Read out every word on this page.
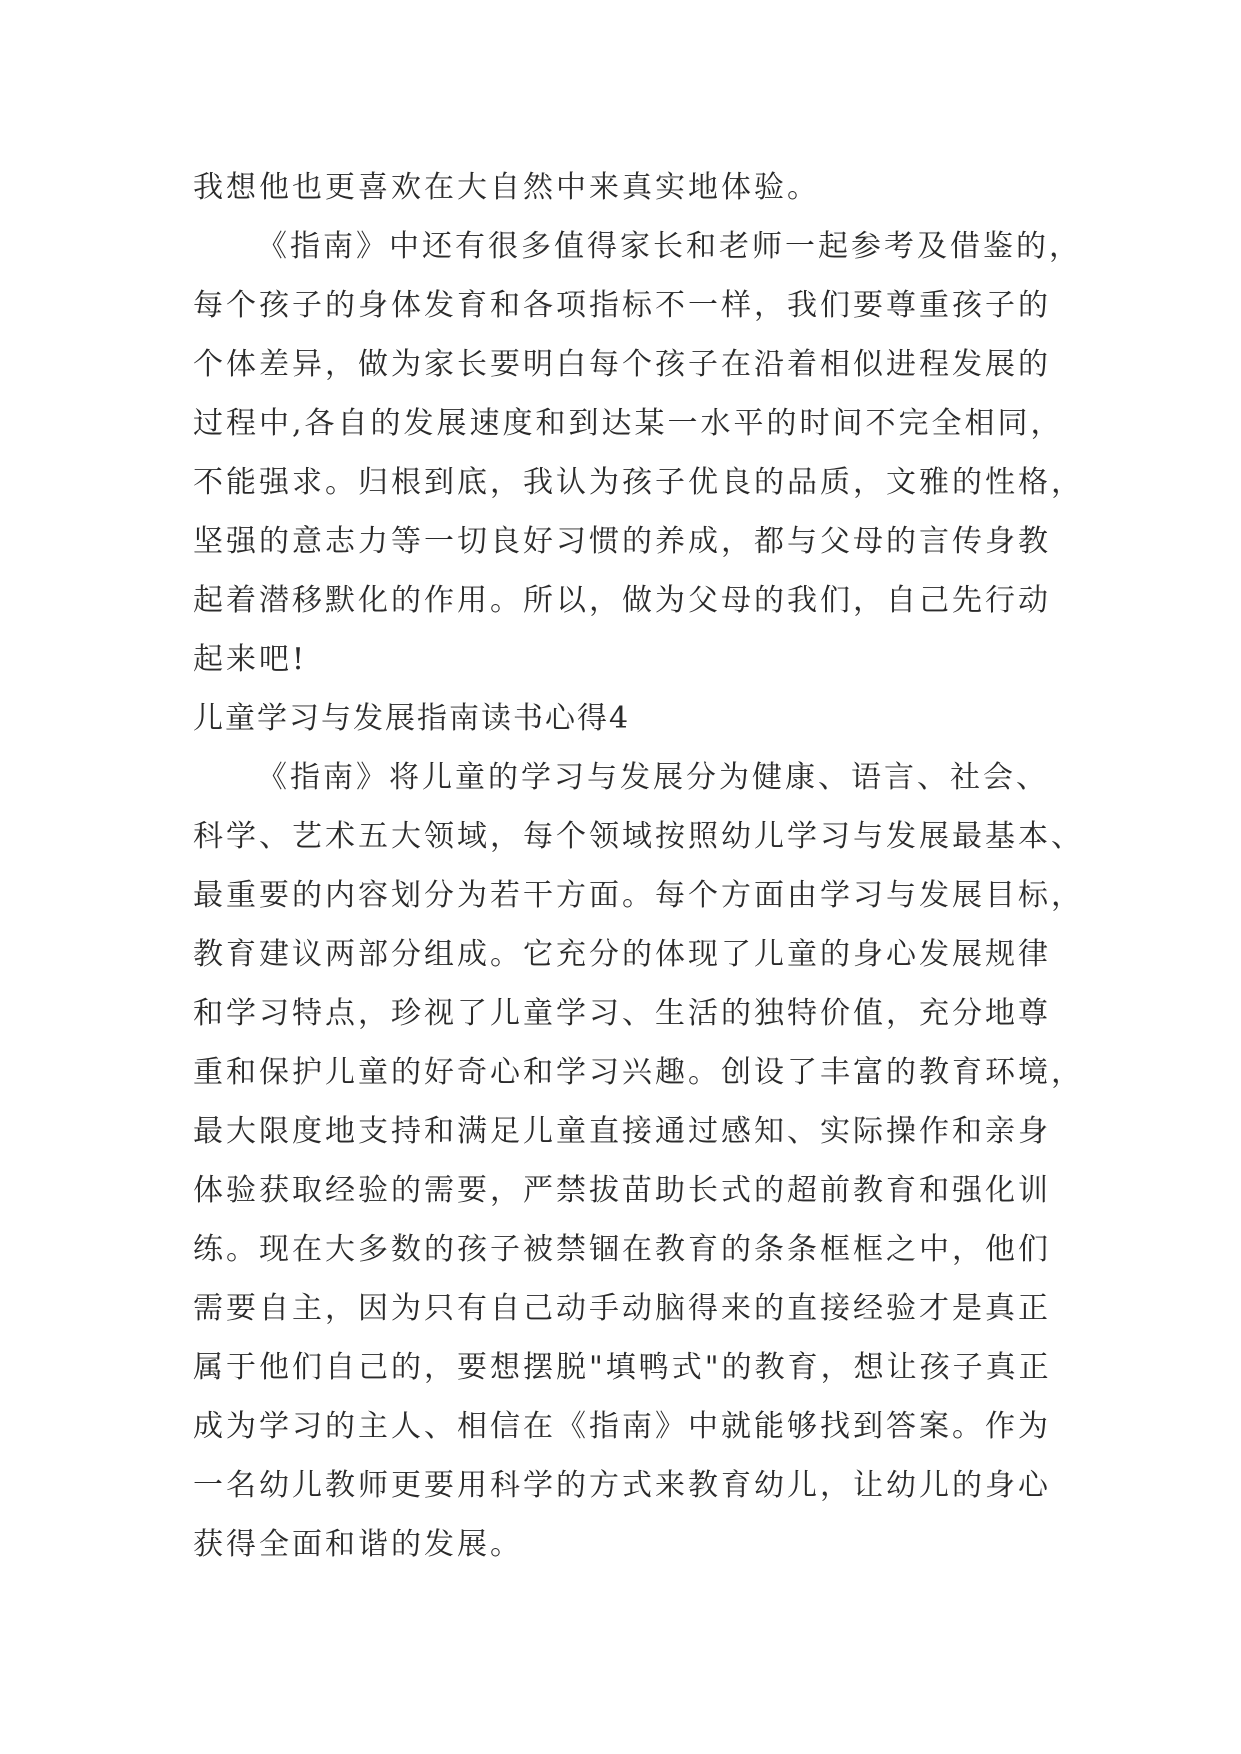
我想他也更喜欢在大自然中来真实地体验。
《指南》中还有很多值得家长和老师一起参考及借鉴的，
每个孩子的身体发育和各项指标不一样，我们要尊重孩子的
个体差异，做为家长要明白每个孩子在沿着相似进程发展的
过程中,各自的发展速度和到达某一水平的时间不完全相同，
不能强求。归根到底，我认为孩子优良的品质，文雅的性格，
坚强的意志力等一切良好习惯的养成，都与父母的言传身教
起着潜移默化的作用。所以，做为父母的我们，自己先行动
起来吧!
儿童学习与发展指南读书心得4
《指南》将儿童的学习与发展分为健康、语言、社会、
科学、艺术五大领域，每个领域按照幼儿学习与发展最基本、
最重要的内容划分为若干方面。每个方面由学习与发展目标，
教育建议两部分组成。它充分的体现了儿童的身心发展规律
和学习特点，珍视了儿童学习、生活的独特价值，充分地尊
重和保护儿童的好奇心和学习兴趣。创设了丰富的教育环境，
最大限度地支持和满足儿童直接通过感知、实际操作和亲身
体验获取经验的需要，严禁拔苗助长式的超前教育和强化训
练。现在大多数的孩子被禁锢在教育的条条框框之中，他们
需要自主，因为只有自己动手动脑得来的直接经验才是真正
属于他们自己的，要想摆脱"填鸭式"的教育，想让孩子真正
成为学习的主人、相信在《指南》中就能够找到答案。作为
一名幼儿教师更要用科学的方式来教育幼儿，让幼儿的身心
获得全面和谐的发展。
